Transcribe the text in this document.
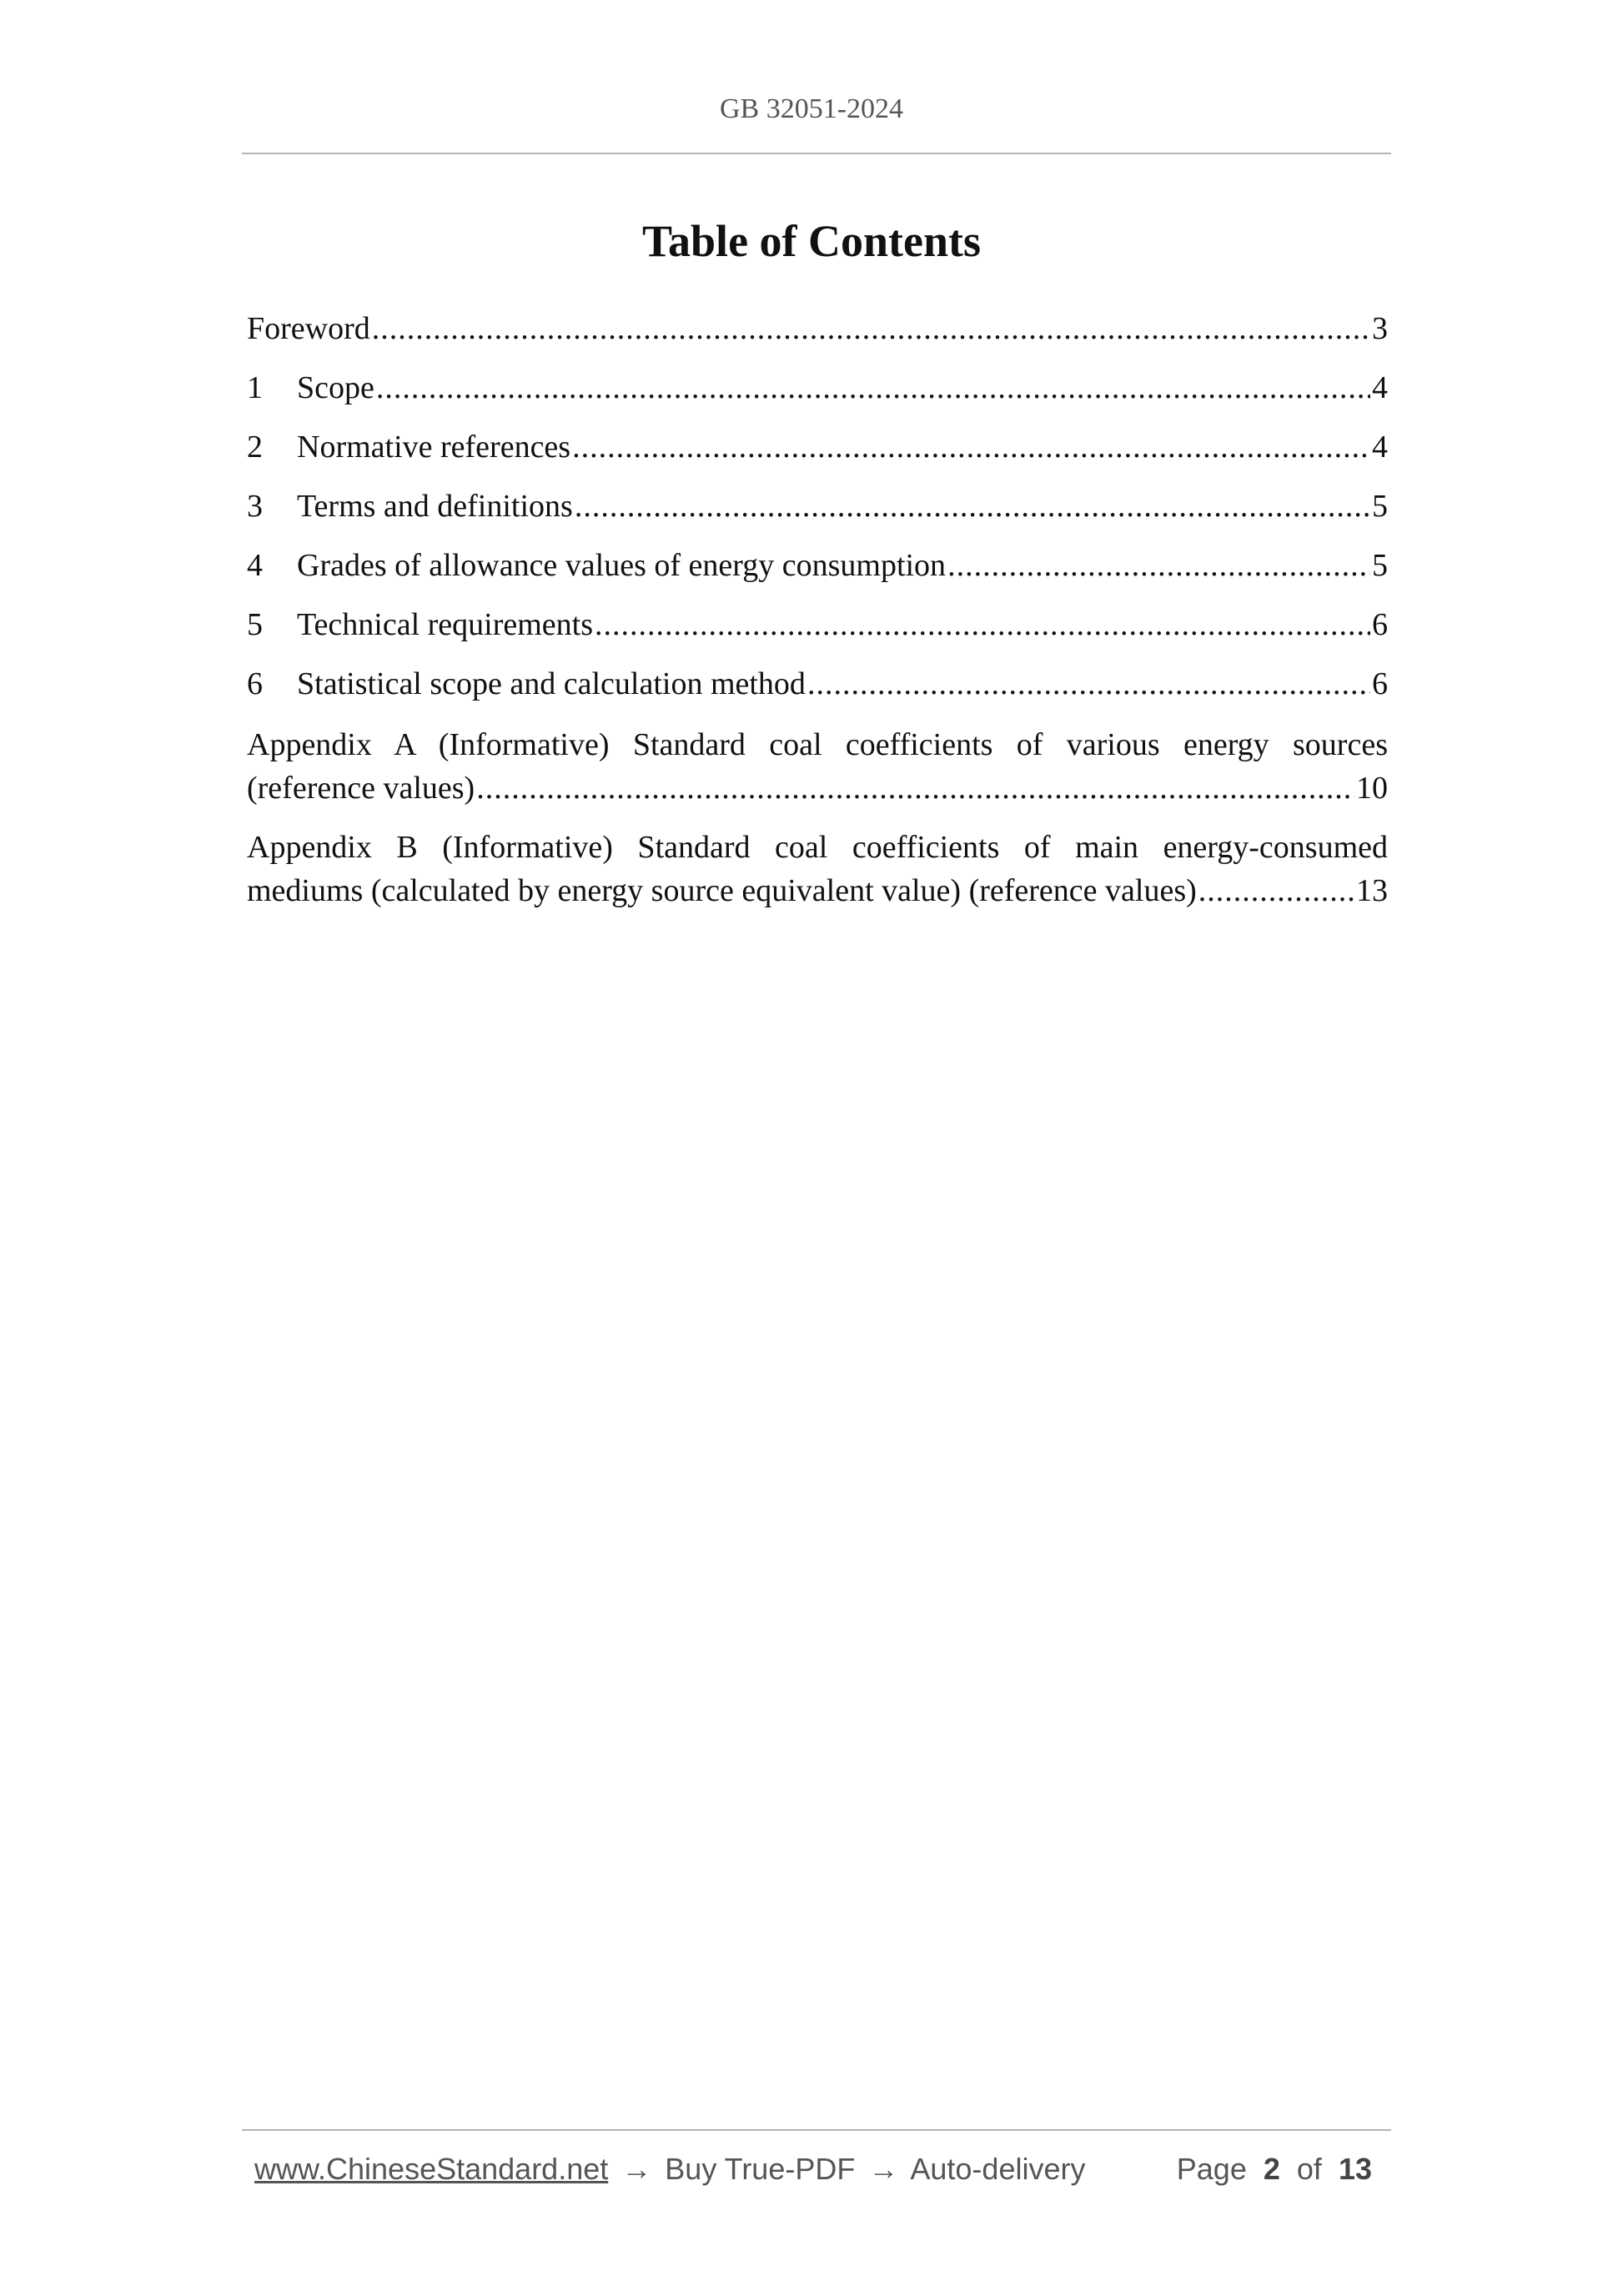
GB 32051-2024
Table of Contents
Foreword .....	3
1	Scope .....	4
2	Normative references .....	4
3	Terms and definitions .....	5
4	Grades of allowance values of energy consumption .....	5
5	Technical requirements .....	6
6	Statistical scope and calculation method .....	6
Appendix A (Informative) Standard coal coefficients of various energy sources
(reference values) .....	10
Appendix B (Informative) Standard coal coefficients of main energy-consumed
mediums (calculated by energy source equivalent value) (reference values) .....	13
www.ChineseStandard.net → Buy True-PDF → Auto-delivery	Page 2 of 13
